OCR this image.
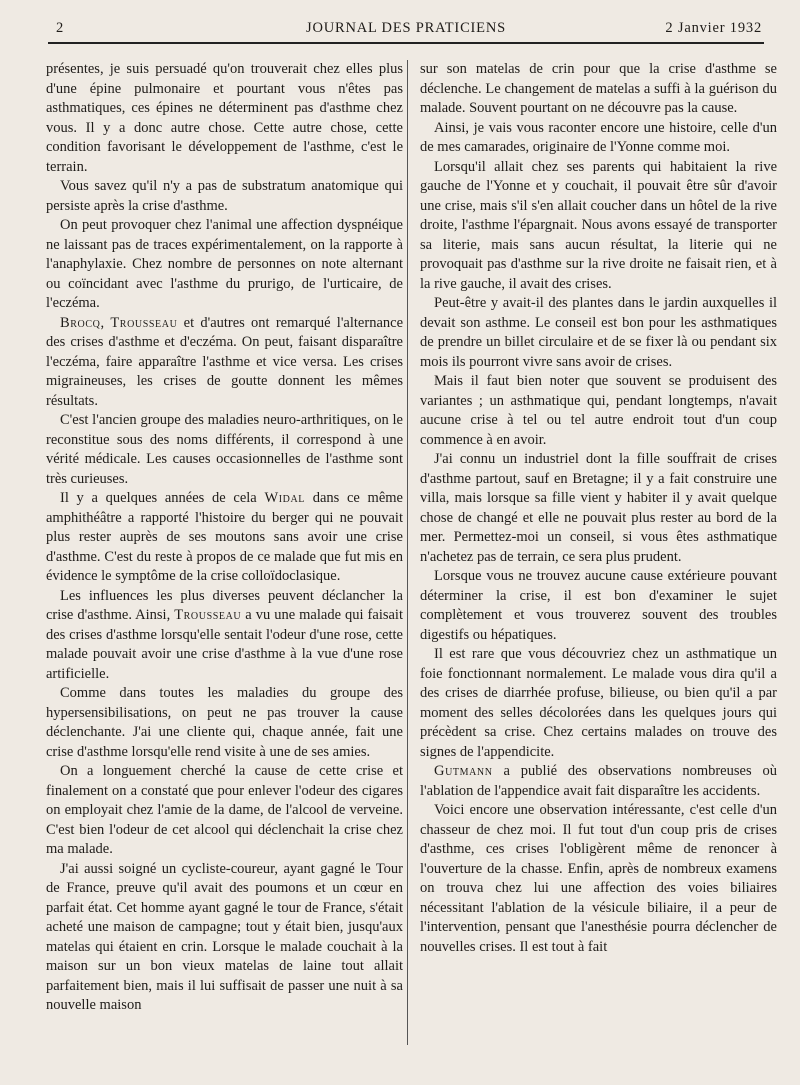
2	JOURNAL DES PRATICIENS	2 Janvier 1932

présentes, je suis persuadé qu'on trouverait chez elles plus d'une épine pulmonaire et pourtant vous n'êtes pas asthmatiques, ces épines ne déterminent pas d'asthme chez vous. Il y a donc autre chose. Cette autre chose, cette condition favorisant le développement de l'asthme, c'est le terrain.

Vous savez qu'il n'y a pas de substratum anatomique qui persiste après la crise d'asthme.

On peut provoquer chez l'animal une affection dyspnéique ne laissant pas de traces expérimentalement, on la rapporte à l'anaphylaxie. Chez nombre de personnes on note alternant ou coïncidant avec l'asthme du prurigo, de l'urticaire, de l'eczéma.

Brocq, Trousseau et d'autres ont remarqué l'alternance des crises d'asthme et d'eczéma. On peut, faisant disparaître l'eczéma, faire apparaître l'asthme et vice versa. Les crises migraineuses, les crises de goutte donnent les mêmes résultats.

C'est l'ancien groupe des maladies neuro-arthritiques, on le reconstitue sous des noms différents, il correspond à une vérité médicale. Les causes occasionnelles de l'asthme sont très curieuses.

Il y a quelques années de cela Widal dans ce même amphithéâtre a rapporté l'histoire du berger qui ne pouvait plus rester auprès de ses moutons sans avoir une crise d'asthme. C'est du reste à propos de ce malade que fut mis en évidence le symptôme de la crise colloïdoclasique.

Les influences les plus diverses peuvent déclancher la crise d'asthme. Ainsi, Trousseau a vu une malade qui faisait des crises d'asthme lorsqu'elle sentait l'odeur d'une rose, cette malade pouvait avoir une crise d'asthme à la vue d'une rose artificielle.

Comme dans toutes les maladies du groupe des hypersensibilisations, on peut ne pas trouver la cause déclenchante. J'ai une cliente qui, chaque année, fait une crise d'asthme lorsqu'elle rend visite à une de ses amies.

On a longuement cherché la cause de cette crise et finalement on a constaté que pour enlever l'odeur des cigares on employait chez l'amie de la dame, de l'alcool de verveine. C'est bien l'odeur de cet alcool qui déclenchait la crise chez ma malade.

J'ai aussi soigné un cycliste-coureur, ayant gagné le Tour de France, preuve qu'il avait des poumons et un cœur en parfait état. Cet homme ayant gagné le tour de France, s'était acheté une maison de campagne; tout y était bien, jusqu'aux matelas qui étaient en crin. Lorsque le malade couchait à la maison sur un bon vieux matelas de laine tout allait parfaitement bien, mais il lui suffisait de passer une nuit à sa nouvelle maison

sur son matelas de crin pour que la crise d'asthme se déclenche. Le changement de matelas a suffi à la guérison du malade. Souvent pourtant on ne découvre pas la cause.

Ainsi, je vais vous raconter encore une histoire, celle d'un de mes camarades, originaire de l'Yonne comme moi.

Lorsqu'il allait chez ses parents qui habitaient la rive gauche de l'Yonne et y couchait, il pouvait être sûr d'avoir une crise, mais s'il s'en allait coucher dans un hôtel de la rive droite, l'asthme l'épargnait. Nous avons essayé de transporter sa literie, mais sans aucun résultat, la literie qui ne provoquait pas d'asthme sur la rive droite ne faisait rien, et à la rive gauche, il avait des crises.

Peut-être y avait-il des plantes dans le jardin auxquelles il devait son asthme. Le conseil est bon pour les asthmatiques de prendre un billet circulaire et de se fixer là ou pendant six mois ils pourront vivre sans avoir de crises.

Mais il faut bien noter que souvent se produisent des variantes ; un asthmatique qui, pendant longtemps, n'avait aucune crise à tel ou tel autre endroit tout d'un coup commence à en avoir.

J'ai connu un industriel dont la fille souffrait de crises d'asthme partout, sauf en Bretagne; il y a fait construire une villa, mais lorsque sa fille vient y habiter il y avait quelque chose de changé et elle ne pouvait plus rester au bord de la mer. Permettez-moi un conseil, si vous êtes asthmatique n'achetez pas de terrain, ce sera plus prudent.

Lorsque vous ne trouvez aucune cause extérieure pouvant déterminer la crise, il est bon d'examiner le sujet complètement et vous trouverez souvent des troubles digestifs ou hépatiques.

Il est rare que vous découvriez chez un asthmatique un foie fonctionnant normalement. Le malade vous dira qu'il a des crises de diarrhée profuse, bilieuse, ou bien qu'il a par moment des selles décolorées dans les quelques jours qui précèdent sa crise. Chez certains malades on trouve des signes de l'appendicite.

Gutmann a publié des observations nombreuses où l'ablation de l'appendice avait fait disparaître les accidents.

Voici encore une observation intéressante, c'est celle d'un chasseur de chez moi. Il fut tout d'un coup pris de crises d'asthme, ces crises l'obligèrent même de renoncer à l'ouverture de la chasse. Enfin, après de nombreux examens on trouva chez lui une affection des voies biliaires nécessitant l'ablation de la vésicule biliaire, il a peur de l'intervention, pensant que l'anesthésie pourra déclencher de nouvelles crises. Il est tout à fait
